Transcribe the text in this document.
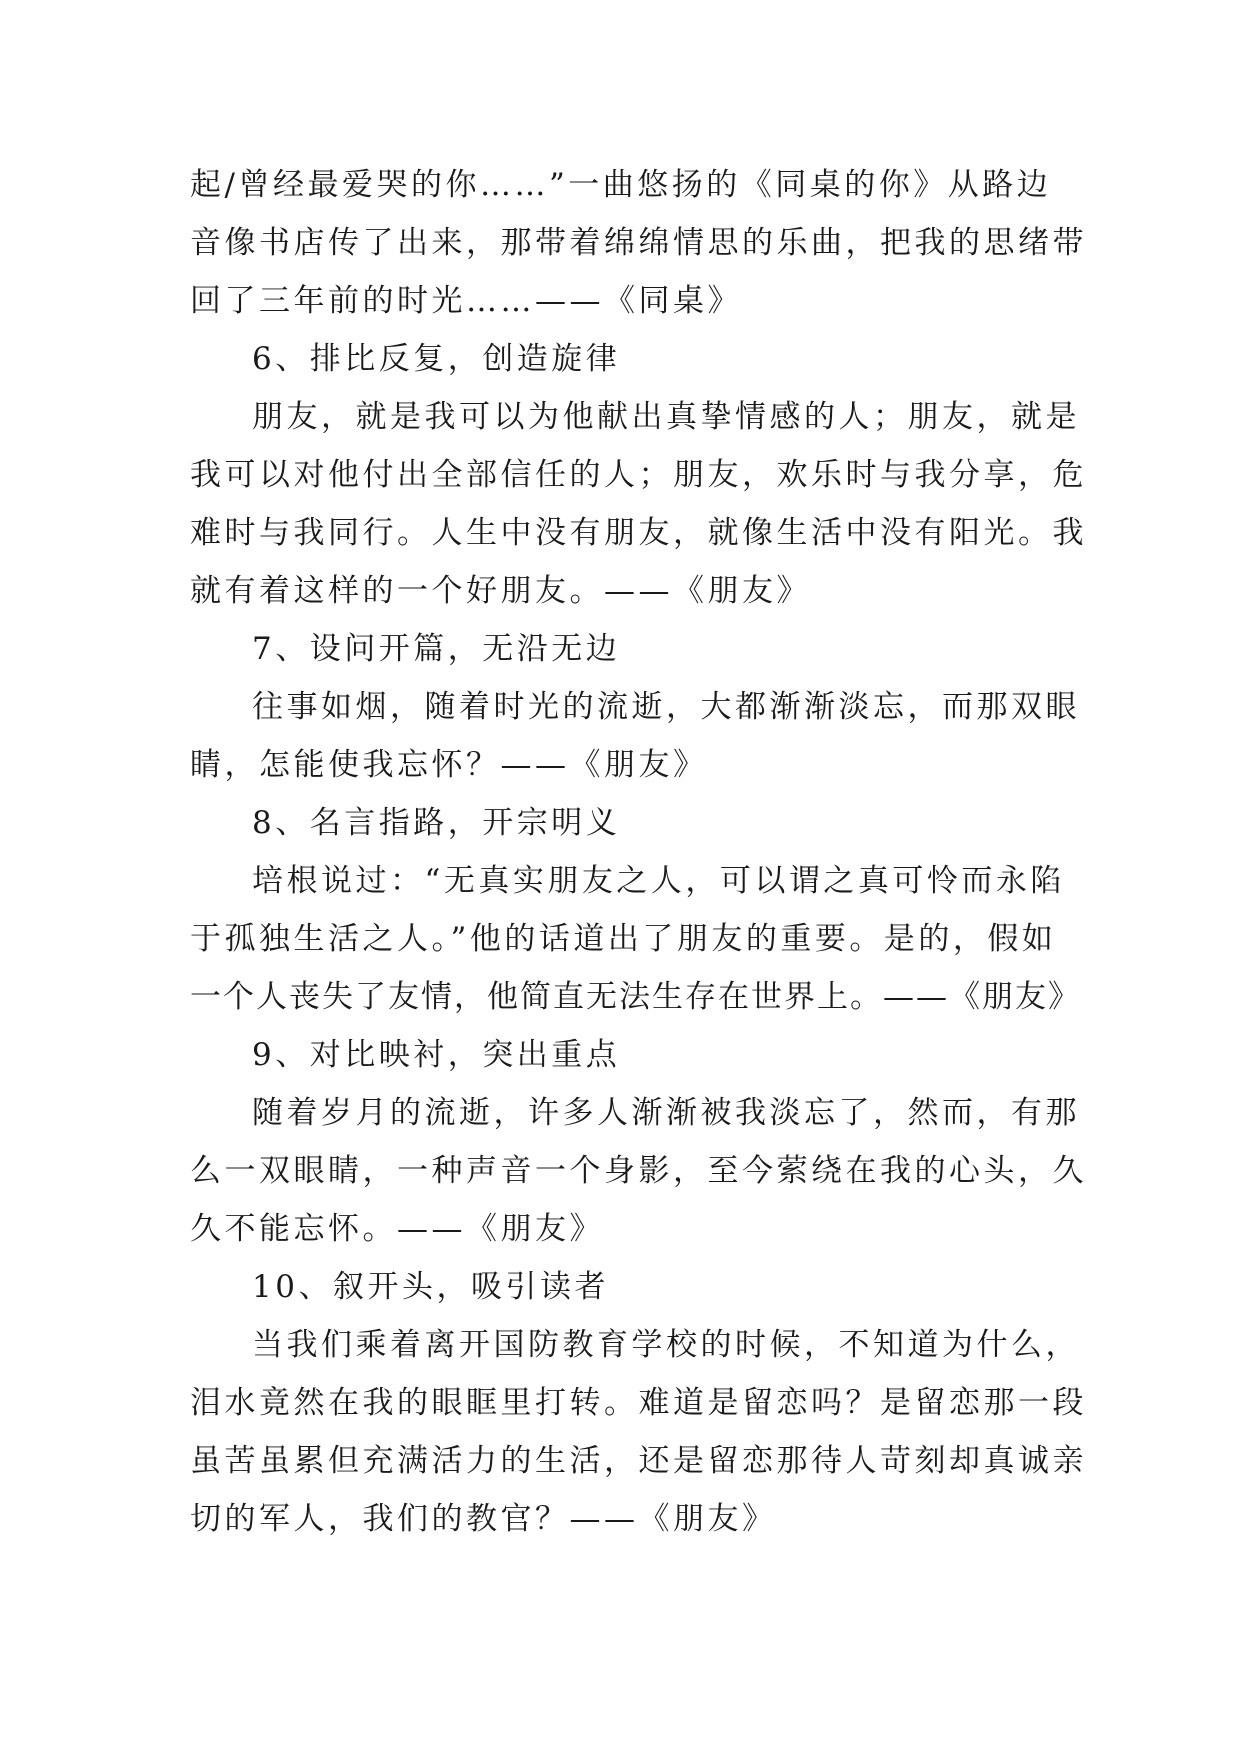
起/曾经最爱哭的你……”一曲悠扬的《同桌的你》从路边
音像书店传了出来，那带着绵绵情思的乐曲，把我的思绪带
回了三年前的时光……——《同桌》
6、排比反复，创造旋律
朋友，就是我可以为他献出真挚情感的人；朋友，就是
我可以对他付出全部信任的人；朋友，欢乐时与我分享，危
难时与我同行。人生中没有朋友，就像生活中没有阳光。我
就有着这样的一个好朋友。——《朋友》
7、设问开篇，无沿无边
往事如烟，随着时光的流逝，大都渐渐淡忘，而那双眼
睛，怎能使我忘怀？——《朋友》
8、名言指路，开宗明义
培根说过：“无真实朋友之人，可以谓之真可怜而永陷
于孤独生活之人。”他的话道出了朋友的重要。是的，假如
一个人丧失了友情，他简直无法生存在世界上。——《朋友》
9、对比映衬，突出重点
随着岁月的流逝，许多人渐渐被我淡忘了，然而，有那
么一双眼睛，一种声音一个身影，至今萦绕在我的心头，久
久不能忘怀。——《朋友》
10、叙开头，吸引读者
当我们乘着离开国防教育学校的时候，不知道为什么，
泪水竟然在我的眼眶里打转。难道是留恋吗？是留恋那一段
虽苦虽累但充满活力的生活，还是留恋那待人苛刻却真诚亲
切的军人，我们的教官？——《朋友》
